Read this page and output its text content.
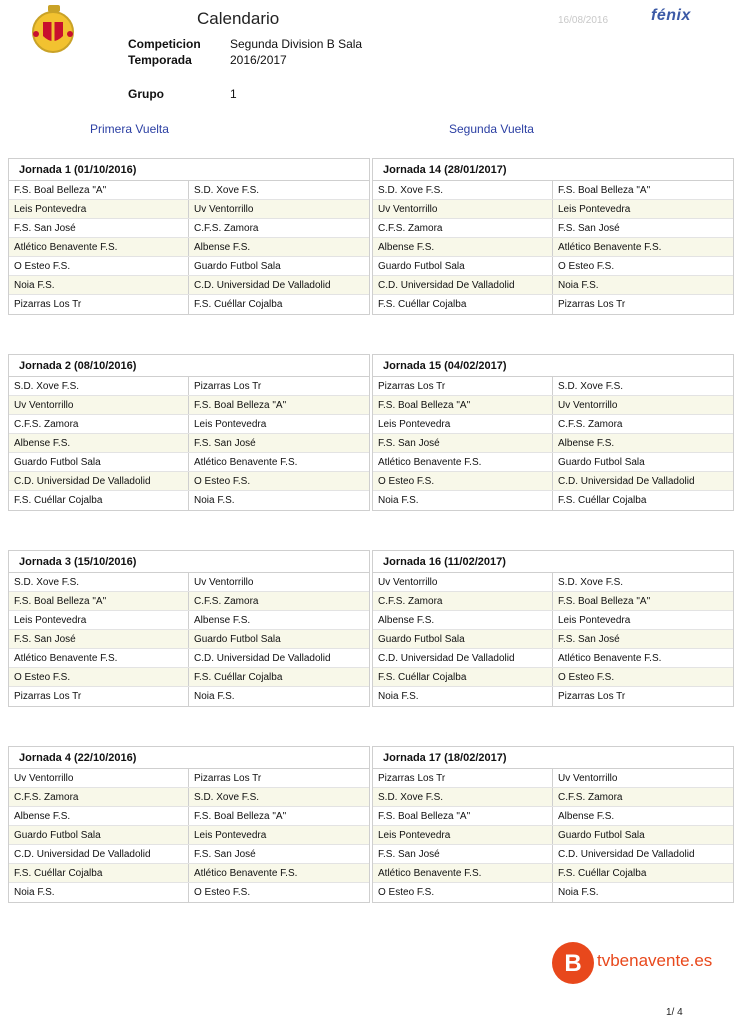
Calendario	16/08/2016	fénix
Competicion Segunda Division B Sala
Temporada	2016/2017
Grupo	1
Primera Vuelta	Segunda Vuelta
Jornada 1 (01/10/2016)
F.S. Boal Belleza "A"	S.D. Xove F.S.
Leis Pontevedra	Uv Ventorrillo
F.S. San José	C.F.S. Zamora
Atlético Benavente F.S.	Albense F.S.
O Esteo F.S.	Guardo Futbol Sala
Noia F.S.	C.D. Universidad De Valladolid
Pizarras Los Tr	F.S. Cuéllar Cojalba
Jornada 14 (28/01/2017)
S.D. Xove F.S.	F.S. Boal Belleza "A"
Uv Ventorrillo	Leis Pontevedra
C.F.S. Zamora	F.S. San José
Albense F.S.	Atlético Benavente F.S.
Guardo Futbol Sala	O Esteo F.S.
C.D. Universidad De Valladolid	Noia F.S.
F.S. Cuéllar Cojalba	Pizarras Los Tr
Jornada 2 (08/10/2016)
S.D. Xove F.S.	Pizarras Los Tr
Uv Ventorrillo	F.S. Boal Belleza "A"
C.F.S. Zamora	Leis Pontevedra
Albense F.S.	F.S. San José
Guardo Futbol Sala	Atlético Benavente F.S.
C.D. Universidad De Valladolid	O Esteo F.S.
F.S. Cuéllar Cojalba	Noia F.S.
Jornada 15 (04/02/2017)
Pizarras Los Tr	S.D. Xove F.S.
F.S. Boal Belleza "A"	Uv Ventorrillo
Leis Pontevedra	C.F.S. Zamora
F.S. San José	Albense F.S.
Atlético Benavente F.S.	Guardo Futbol Sala
O Esteo F.S.	C.D. Universidad De Valladolid
Noia F.S.	F.S. Cuéllar Cojalba
Jornada 3 (15/10/2016)
S.D. Xove F.S.	Uv Ventorrillo
F.S. Boal Belleza "A"	C.F.S. Zamora
Leis Pontevedra	Albense F.S.
F.S. San José	Guardo Futbol Sala
Atlético Benavente F.S.	C.D. Universidad De Valladolid
O Esteo F.S.	F.S. Cuéllar Cojalba
Pizarras Los Tr	Noia F.S.
Jornada 16 (11/02/2017)
Uv Ventorrillo	S.D. Xove F.S.
C.F.S. Zamora	F.S. Boal Belleza "A"
Albense F.S.	Leis Pontevedra
Guardo Futbol Sala	F.S. San José
C.D. Universidad De Valladolid	Atlético Benavente F.S.
F.S. Cuéllar Cojalba	O Esteo F.S.
Noia F.S.	Pizarras Los Tr
Jornada 4 (22/10/2016)
Uv Ventorrillo	Pizarras Los Tr
C.F.S. Zamora	S.D. Xove F.S.
Albense F.S.	F.S. Boal Belleza "A"
Guardo Futbol Sala	Leis Pontevedra
C.D. Universidad De Valladolid	F.S. San José
F.S. Cuéllar Cojalba	Atlético Benavente F.S.
Noia F.S.	O Esteo F.S.
Jornada 17 (18/02/2017)
Pizarras Los Tr	Uv Ventorrillo
S.D. Xove F.S.	C.F.S. Zamora
F.S. Boal Belleza "A"	Albense F.S.
Leis Pontevedra	Guardo Futbol Sala
F.S. San José	C.D. Universidad De Valladolid
Atlético Benavente F.S.	F.S. Cuéllar Cojalba
O Esteo F.S.	Noia F.S.
B tvbenavente.es
1/ 4
